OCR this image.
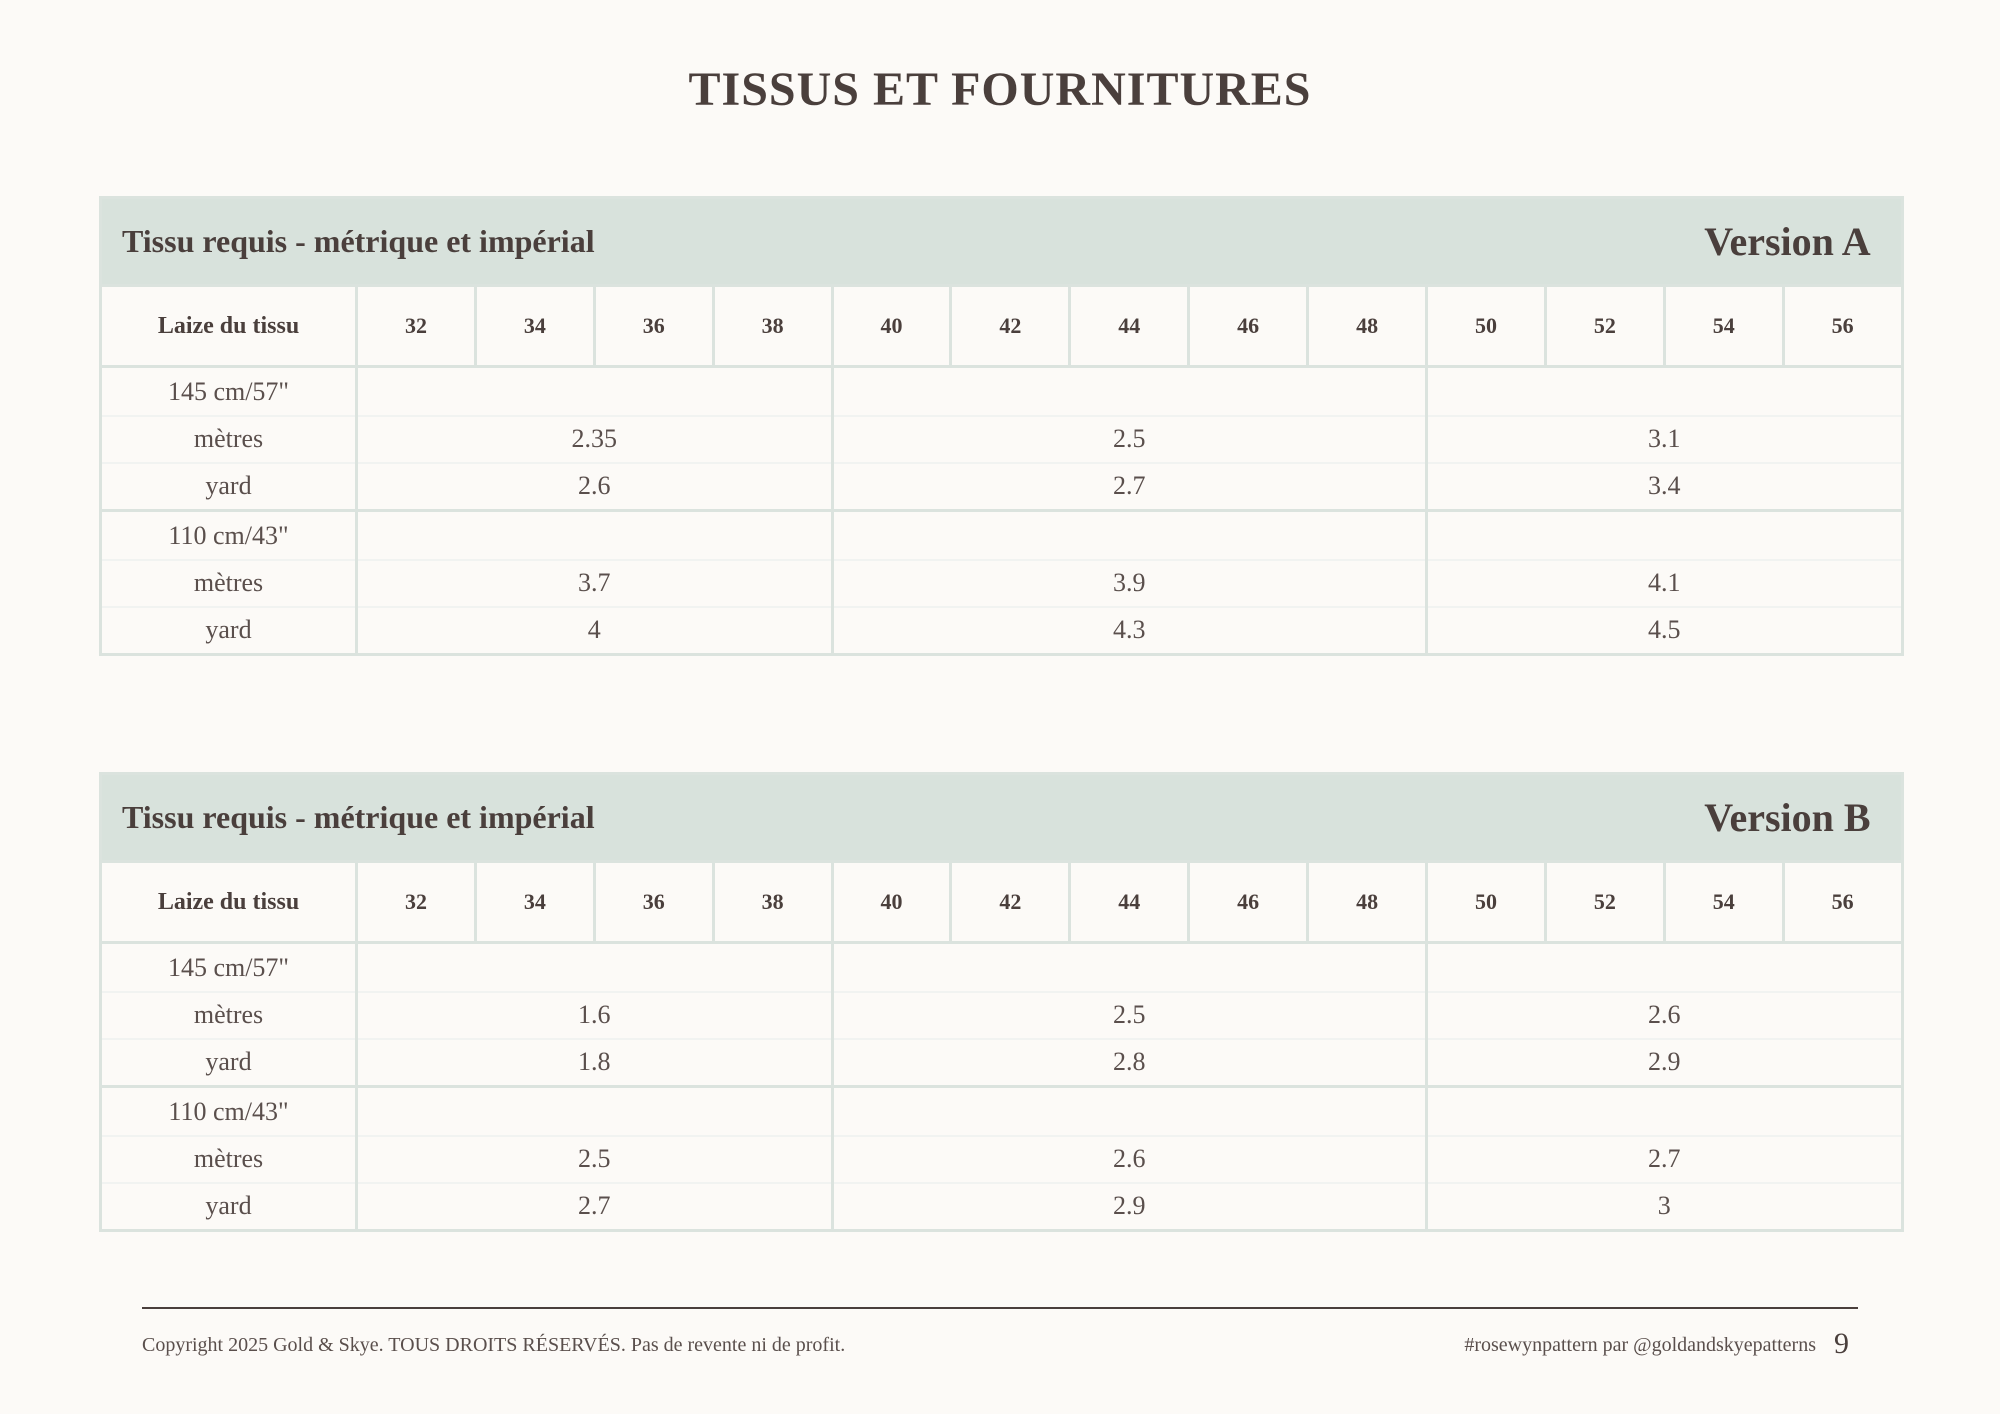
TISSUS ET FOURNITURES
Tissu requis - métrique et impérial Version A													

Laize du tissu	32	34	36	38	40	42	44	46	48	50	52	54	56
145 cm/57"													
mètres	2.35				2.5					3.1			
yard	2.6				2.7					3.4			
110 cm/43"													
mètres	3.7				3.9					4.1			
yard	4				4.3					4.5			
Tissu requis - métrique et impérial Version B													

Laize du tissu	32	34	36	38	40	42	44	46	48	50	52	54	56
145 cm/57"													
mètres	1.6				2.5					2.6			
yard	1.8				2.8					2.9			
110 cm/43"													
mètres	2.5				2.6					2.7			
yard	2.7				2.9					3			
Copyright 2025 Gold & Skye. TOUS DROITS RÉSERVÉS. Pas de revente ni de profit.	#rosewynpattern par @goldandskyepatterns 9
